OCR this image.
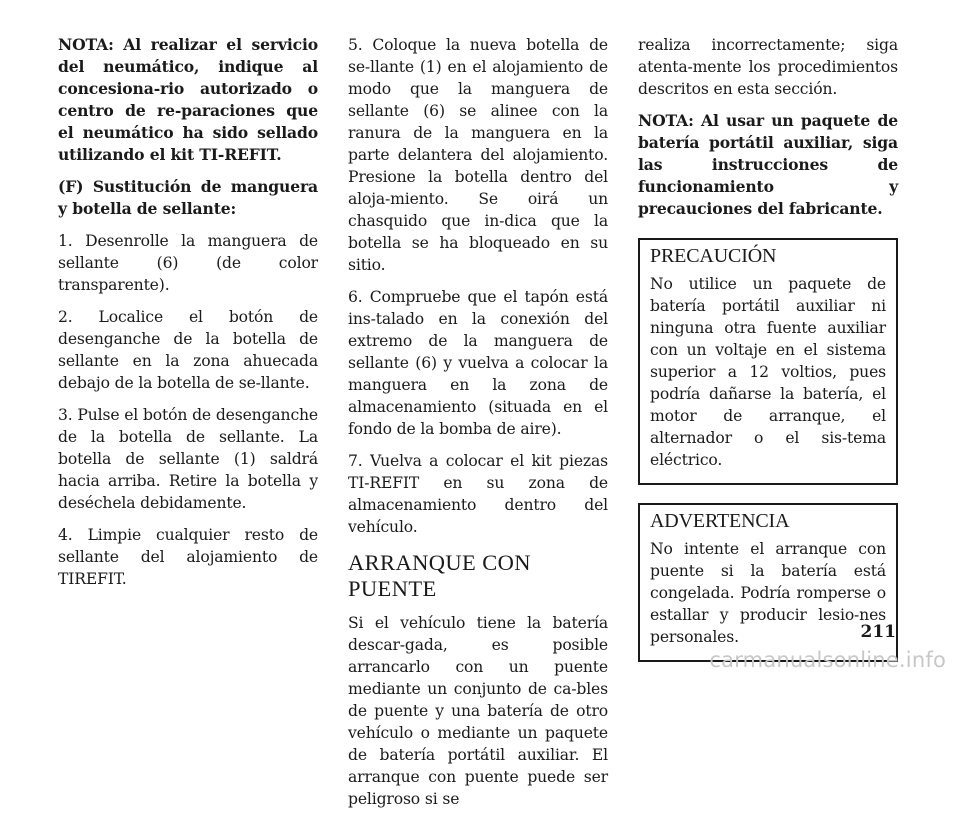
NOTA: Al realizar el servicio del neumático, indique al concesiona-rio autorizado o centro de re-paraciones que el neumático ha sido sellado utilizando el kit TI-REFIT.

(F) Sustitución de manguera y botella de sellante:

1. Desenrolle la manguera de sellante (6) (de color transparente).

2. Localice el botón de desenganche de la botella de sellante en la zona ahuecada debajo de la botella de se-llante.

3. Pulse el botón de desenganche de la botella de sellante. La botella de sellante (1) saldrá hacia arriba. Retire la botella y deséchela debidamente.

4. Limpie cualquier resto de sellante del alojamiento de TIREFIT.

5. Coloque la nueva botella de se-llante (1) en el alojamiento de modo que la manguera de sellante (6) se alinee con la ranura de la manguera en la parte delantera del alojamiento. Presione la botella dentro del aloja-miento. Se oirá un chasquido que in-dica que la botella se ha bloqueado en su sitio.

6. Compruebe que el tapón está ins-talado en la conexión del extremo de la manguera de sellante (6) y vuelva a colocar la manguera en la zona de almacenamiento (situada en el fondo de la bomba de aire).

7. Vuelva a colocar el kit piezas TI-REFIT en su zona de almacenamiento dentro del vehículo.

ARRANQUE CON PUENTE

Si el vehículo tiene la batería descar-gada, es posible arrancarlo con un puente mediante un conjunto de ca-bles de puente y una batería de otro vehículo o mediante un paquete de batería portátil auxiliar. El arranque con puente puede ser peligroso si se

realiza incorrectamente; siga atenta-mente los procedimientos descritos en esta sección.

NOTA: Al usar un paquete de batería portátil auxiliar, siga las instrucciones de funcionamiento y precauciones del fabricante.

PRECAUCIÓN

No utilice un paquete de batería portátil auxiliar ni ninguna otra fuente auxiliar con un voltaje en el sistema superior a 12 voltios, pues podría dañarse la batería, el motor de arranque, el alternador o el sis-tema eléctrico.

ADVERTENCIA

No intente el arranque con puente si la batería está congelada. Podría romperse o estallar y producir lesio-nes personales.	211
carmanualsonline.info
